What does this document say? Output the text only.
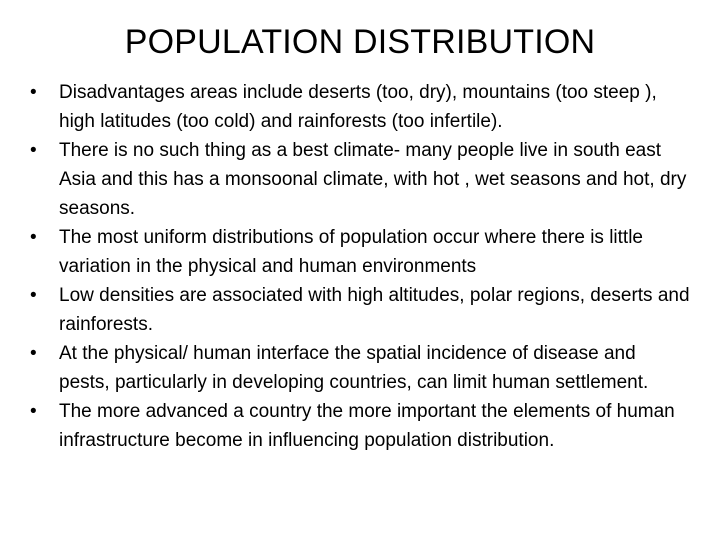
POPULATION DISTRIBUTION
• Disadvantages areas include deserts (too, dry), mountains (too steep ), high latitudes (too cold) and rainforests (too infertile).
• There is no such thing as a best climate- many people live in south east Asia and this has a monsoonal climate, with hot , wet seasons and hot, dry seasons.
• The most uniform distributions of population occur where there is little variation in the physical and human environments
• Low densities are associated with high altitudes, polar regions, deserts and rainforests.
• At the physical/ human interface the spatial incidence of disease and pests, particularly in developing countries, can limit human settlement.
• The more advanced a country the more important the elements of human infrastructure become in influencing population distribution.
